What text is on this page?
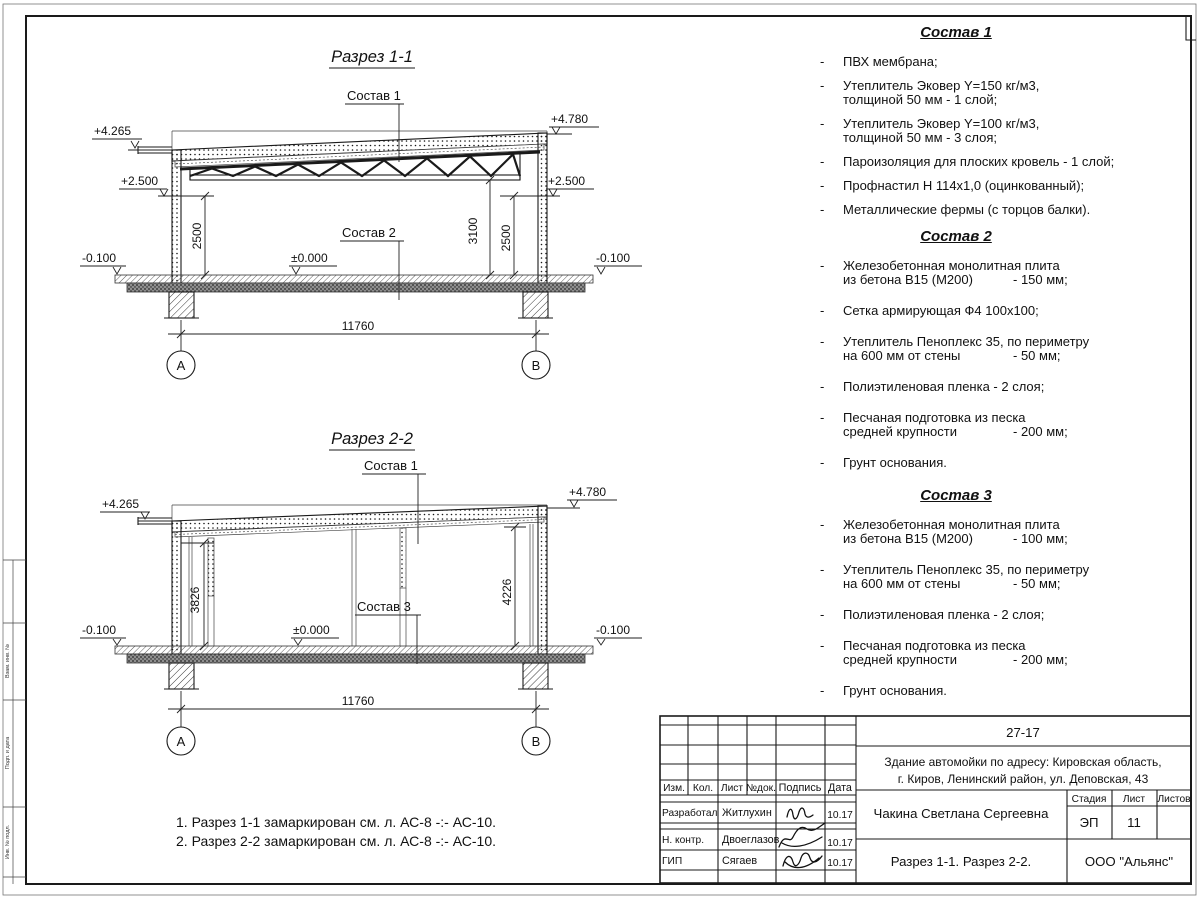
Взам. инв. №
Подп. и дата
Инв. № подл.
Разрез 1-1
Состав 1
Состав 2
+4.265
+4.780
+2.500	+2.500
±0.000
-0.100	-0.100
2500	3100 2500
11760
А	В
Разрез 2-2
Состав 1
Состав 3
+4.265
+4.780
±0.000
-0.100	-0.100
3826	4226
11760
А	В
Изм. Кол. Лист №док. Подпись Дата
Разработал Житлухин	10.17
Н. контр. Двоеглазов	10.17
ГИП	Сягаев	10.17
27-17
Здание автомойки по адресу: Кировская область,
г. Киров, Ленинский район, ул. Деповская, 43
Чакина Светлана Сергеевна
Разрез 1-1. Разрез 2-2.
Стадия Лист Листов
ЭП 11
ООО "Альянс"
Состав 1
- ПВХ мембрана;
- Утеплитель Эковер Y=150 кг/м3,
толщиной 50 мм - 1 слой;
- Утеплитель Эковер Y=100 кг/м3,
толщиной 50 мм - 3 слоя;
- Пароизоляция для плоских кровель - 1 слой;
- Профнастил Н 114х1,0 (оцинкованный);
- Металлические фермы (с торцов балки).
Состав 2
- Железобетонная монолитная плита
из бетона В15 (М200)	- 150 мм;
- Сетка армирующая Ф4 100х100;
- Утеплитель Пеноплекс 35, по периметру
на 600 мм от стены	- 50 мм;
- Полиэтиленовая пленка - 2 слоя;
- Песчаная подготовка из песка
средней крупности	- 200 мм;
- Грунт основания.
Состав 3
- Железобетонная монолитная плита
из бетона В15 (М200)	- 100 мм;
- Утеплитель Пеноплекс 35, по периметру
на 600 мм от стены	- 50 мм;
- Полиэтиленовая пленка - 2 слоя;
- Песчаная подготовка из песка
средней крупности	- 200 мм;
- Грунт основания.
1. Разрез 1-1 замаркирован см. л. АС-8 -:- АС-10.
2. Разрез 2-2 замаркирован см. л. АС-8 -:- АС-10.
